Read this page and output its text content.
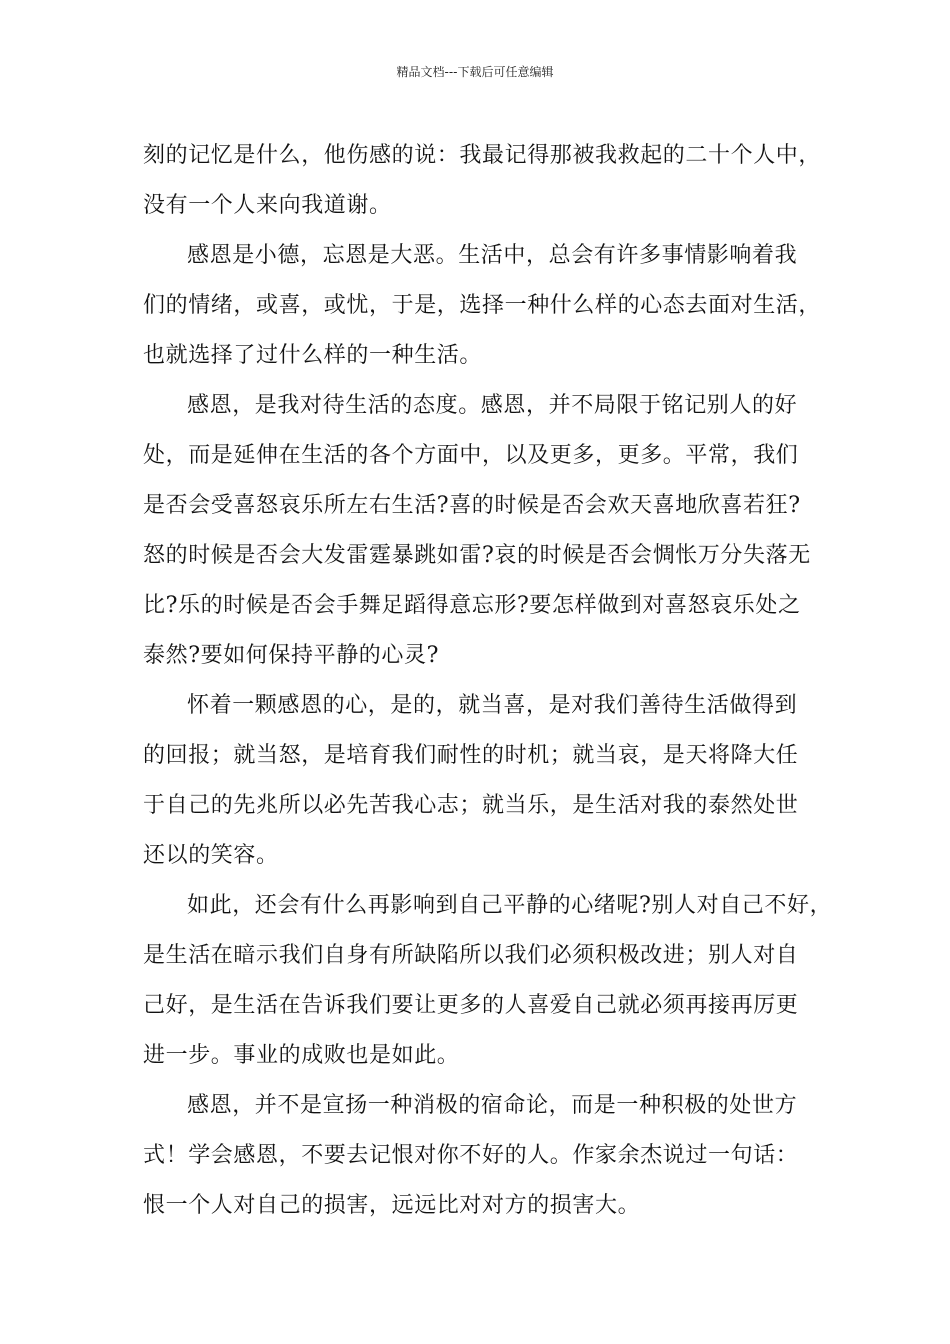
精品文档---下载后可任意编辑
刻的记忆是什么，他伤感的说：我最记得那被我救起的二十个人中，
没有一个人来向我道谢。
感恩是小德，忘恩是大恶。生活中，总会有许多事情影响着我
们的情绪，或喜，或忧，于是，选择一种什么样的心态去面对生活，
也就选择了过什么样的一种生活。
感恩，是我对待生活的态度。感恩，并不局限于铭记别人的好
处，而是延伸在生活的各个方面中，以及更多，更多。平常，我们
是否会受喜怒哀乐所左右生活?喜的时候是否会欢天喜地欣喜若狂?
怒的时候是否会大发雷霆暴跳如雷?哀的时候是否会惆怅万分失落无
比?乐的时候是否会手舞足蹈得意忘形?要怎样做到对喜怒哀乐处之
泰然?要如何保持平静的心灵?
怀着一颗感恩的心，是的，就当喜，是对我们善待生活做得到
的回报；就当怒，是培育我们耐性的时机；就当哀，是天将降大任
于自己的先兆所以必先苦我心志；就当乐，是生活对我的泰然处世
还以的笑容。
如此，还会有什么再影响到自己平静的心绪呢?别人对自己不好，
是生活在暗示我们自身有所缺陷所以我们必须积极改进；别人对自
己好，是生活在告诉我们要让更多的人喜爱自己就必须再接再厉更
进一步。事业的成败也是如此。
感恩，并不是宣扬一种消极的宿命论，而是一种积极的处世方
式！学会感恩，不要去记恨对你不好的人。作家余杰说过一句话：
恨一个人对自己的损害，远远比对对方的损害大。
